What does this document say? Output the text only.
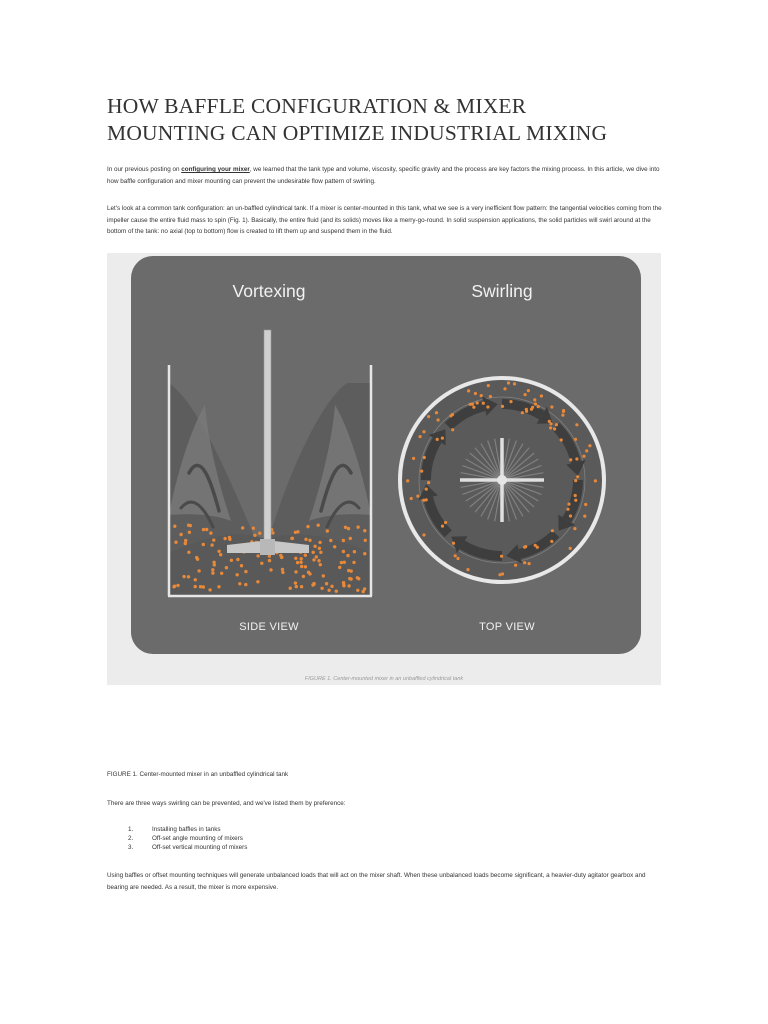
HOW BAFFLE CONFIGURATION & MIXER
MOUNTING CAN OPTIMIZE INDUSTRIAL MIXING

In our previous posting on configuring your mixer, we learned that the tank type and volume, viscosity, specific gravity and the process are key factors the mixing process. In this article, we dive into how baffle configuration and mixer mounting can prevent the undesirable flow pattern of swirling.

Let's look at a common tank configuration: an un-baffled cylindrical tank. If a mixer is center-mounted in this tank, what we see is a very inefficient flow pattern: the tangential velocities coming from the impeller cause the entire fluid mass to spin (Fig. 1). Basically, the entire fluid (and its solids) moves like a merry-go-round. In solid suspension applications, the solid particles will swirl around at the bottom of the tank: no axial (top to bottom) flow is created to lift them up and suspend them in the fluid.

Vortexing	Swirling
SIDE VIEW	TOP VIEW
FIGURE 1. Center-mounted mixer in an unbaffled cylindrical tank

FIGURE 1. Center-mounted mixer in an unbaffled cylindrical tank

There are three ways swirling can be prevented, and we've listed them by preference:

1.	Installing baffles in tanks
2.	Off-set angle mounting of mixers
3.	Off-set vertical mounting of mixers

Using baffles or offset mounting techniques will generate unbalanced loads that will act on the mixer shaft. When these unbalanced loads become significant, a heavier-duty agitator gearbox and bearing are needed. As a result, the mixer is more expensive.
